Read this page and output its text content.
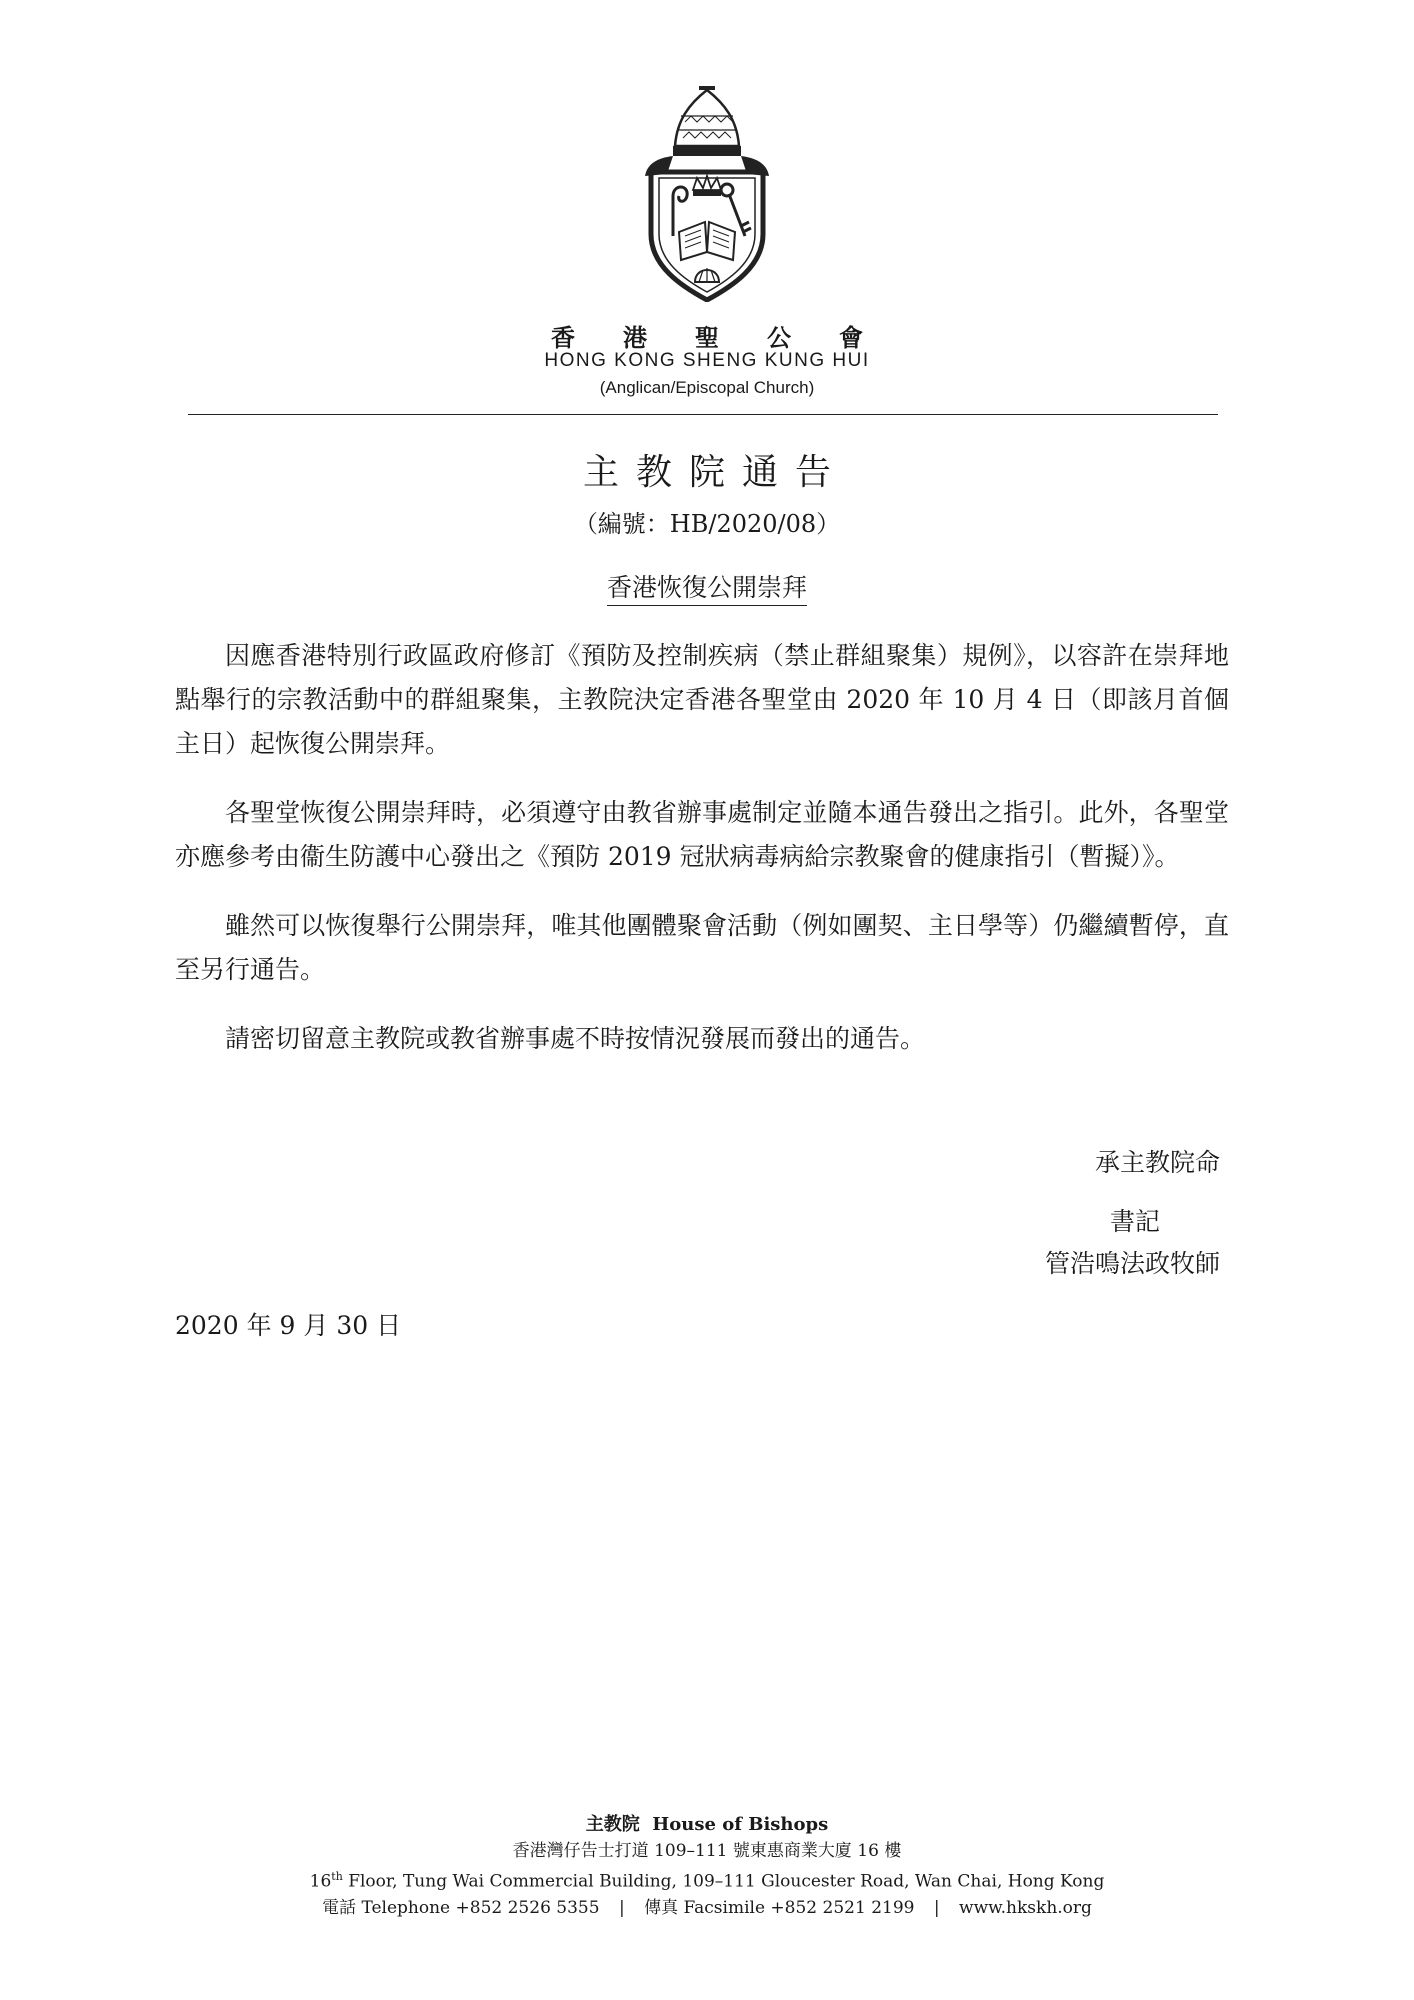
香港聖公會
HONG KONG SHENG KUNG HUI
(Anglican/Episcopal Church)
主教院通告
（編號：HB/2020/08）
香港恢復公開崇拜

因應香港特別行政區政府修訂《預防及控制疾病（禁止群組聚集）規例》，以容許在崇拜地點舉行的宗教活動中的群組聚集，主教院決定香港各聖堂由 2020 年 10 月 4 日（即該月首個主日）起恢復公開崇拜。

各聖堂恢復公開崇拜時，必須遵守由教省辦事處制定並隨本通告發出之指引。此外，各聖堂亦應參考由衞生防護中心發出之《預防 2019 冠狀病毒病給宗教聚會的健康指引（暫擬）》。

雖然可以恢復舉行公開崇拜，唯其他團體聚會活動（例如團契、主日學等）仍繼續暫停，直至另行通告。

請密切留意主教院或教省辦事處不時按情況發展而發出的通告。

承主教院命
書記
管浩鳴法政牧師
2020 年 9 月 30 日
主教院 House of Bishops
香港灣仔告士打道 109–111 號東惠商業大廈 16 樓
16th Floor, Tung Wai Commercial Building, 109–111 Gloucester Road, Wan Chai, Hong Kong
電話 Telephone +852 2526 5355 | 傳真 Facsimile +852 2521 2199 | www.hkskh.org
